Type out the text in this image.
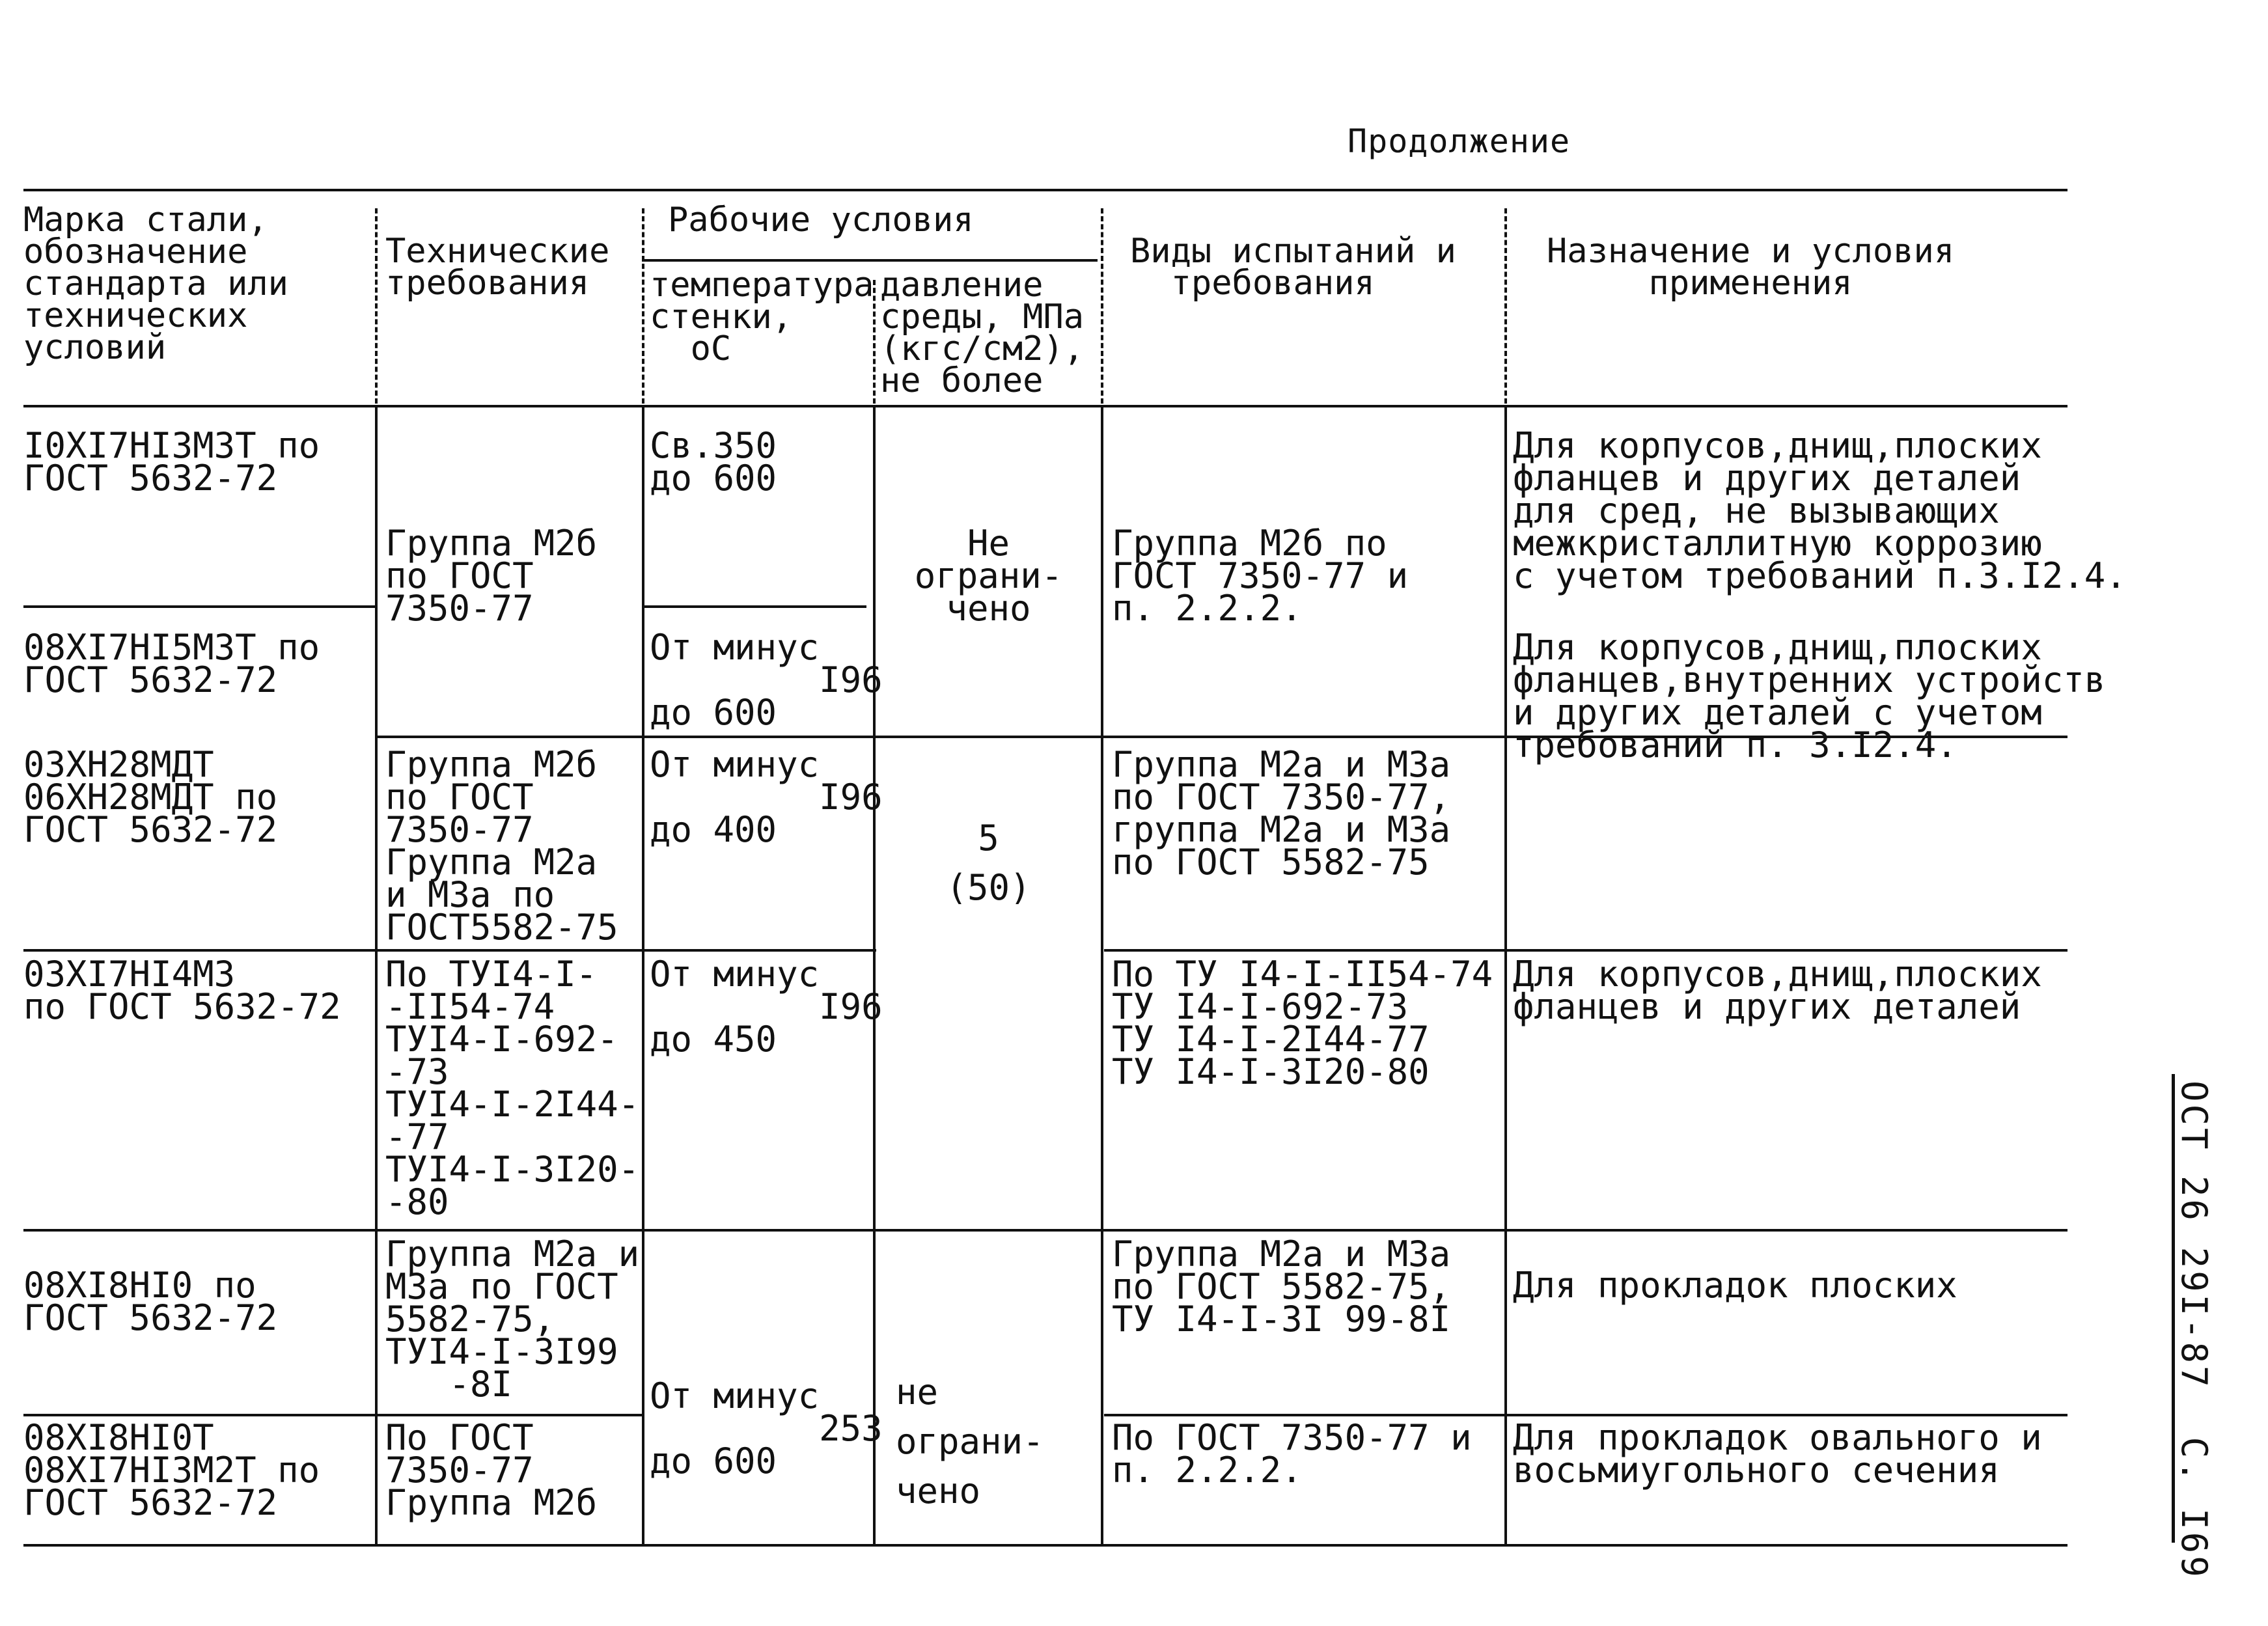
Продолжение
Марка стали,
обозначение
стандарта или
технических
условий
Технические
требования
Рабочие условия
температура
стенки,
оС
давление
среды, МПа
(кгс/см2),
не более
Виды испытаний и
требования
Назначение и условия
применения
I0XI7HI3M3T по
ГОСТ 5632-72
Св.350
до 600
Для корпусов,днищ,плоских
фланцев и других деталей
для сред, не вызывающих
межкристаллитную коррозию
с учетом требований п.3.I2.4.
Группа M2б
по ГОСТ
7350-77
Не
ограни-
чено
Группа M2б по
ГОСТ 7350-77 и
п. 2.2.2.
08XI7HI5M3T по
ГОСТ 5632-72
От минус
I96
до 600
Для корпусов,днищ,плоских
фланцев,внутренних устройств
и других деталей с учетом
требований п. 3.I2.4.
03XH28MДT
06XH28MДT по
ГОСТ 5632-72
Группа M2б
по ГОСТ
7350-77
Группа M2a
и M3a по
ГОСТ5582-75
От минус
I96
до 400
Группа M2a и M3a
по ГОСТ 7350-77,
группа M2a и M3a
по ГОСТ 5582-75
5
(50)
03XI7HI4M3
по ГОСТ 5632-72
По ТУI4-I-
-II54-74
ТУI4-I-692-
-73
ТУI4-I-2I44-
-77
ТУI4-I-3I20-
-80
От минус
I96
до 450
По ТУ I4-I-II54-74
ТУ I4-I-692-73
ТУ I4-I-2I44-77
ТУ I4-I-3I20-80
Для корпусов,днищ,плоских
фланцев и других деталей
08XI8HI0 по
ГОСТ 5632-72
Группа M2a и
M3a по ГОСТ
5582-75,
ТУI4-I-3I99
-8I
Группа M2a и M3a
по ГОСТ 5582-75,
ТУ I4-I-3I 99-8I
Для прокладок плоских
От минус
253
до 600
не

ограни-

чено
08XI8HI0T
08XI7HI3M2T по
ГОСТ 5632-72
По ГОСТ
7350-77
Группа M2б
По ГОСТ 7350-77 и
п. 2.2.2.
Для прокладок овального и
восьмиугольного сечения	ОСТ 26 29I-87  С. I69
